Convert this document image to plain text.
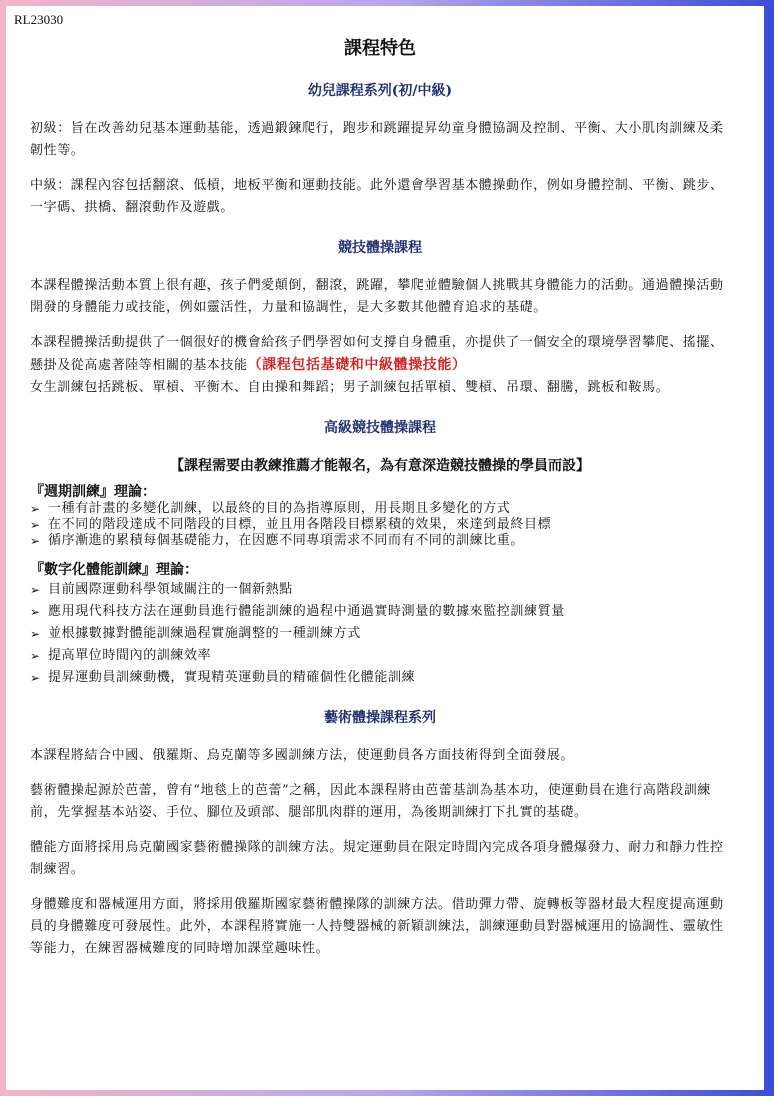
RL23030
課程特色
幼兒課程系列(初/中級)

初級：旨在改善幼兒基本運動基能，透過鍛鍊爬行，跑步和跳躍提昇幼童身體協調及控制、平衡、大小肌肉訓練及柔韌性等。

中級：課程內容包括翻滾、低槓，地板平衡和運動技能。此外還會學習基本體操動作，例如身體控制、平衡、跳步、一字碼、拱橋、翻滾動作及遊戲。

競技體操課程

本課程體操活動本質上很有趣，孩子們愛顛倒，翻滾，跳躍，攀爬並體驗個人挑戰其身體能力的活動。通過體操活動開發的身體能力或技能，例如靈活性，力量和協調性，是大多數其他體育追求的基礎。

本課程體操活動提供了一個很好的機會給孩子們學習如何支撐自身體重，亦提供了一個安全的環境學習攀爬、搖擺、懸掛及從高處著陸等相關的基本技能（課程包括基礎和中級體操技能）

女生訓練包括跳板、單槓、平衡木、自由操和舞蹈；男子訓練包括單槓、雙槓、吊環、翻騰，跳板和鞍馬。

高級競技體操課程
【課程需要由教練推薦才能報名，為有意深造競技體操的學員而設】
『週期訓練』理論：
➢ 一種有計畫的多變化訓練，以最終的目的為指導原則，用長期且多變化的方式
➢ 在不同的階段達成不同階段的目標，並且用各階段目標累積的效果，來達到最終目標
➢ 循序漸進的累積每個基礎能力，在因應不同專項需求不同而有不同的訓練比重。
『數字化體能訓練』理論：
➢ 目前國際運動科學領域關注的一個新熱點
➢ 應用現代科技方法在運動員進行體能訓練的過程中通過實時測量的數據來監控訓練質量
➢ 並根據數據對體能訓練過程實施調整的一種訓練方式
➢ 提高單位時間內的訓練效率
➢ 提昇運動員訓練動機，實現精英運動員的精確個性化體能訓練
藝術體操課程系列

本課程將結合中國、俄羅斯、烏克蘭等多國訓練方法，使運動員各方面技術得到全面發展。

藝術體操起源於芭蕾，曾有“地毯上的芭蕾”之稱，因此本課程將由芭蕾基訓為基本功，使運動員在進行高階段訓練前，先掌握基本站姿、手位、腳位及頭部、腿部肌肉群的運用，為後期訓練打下扎實的基礎。

體能方面將採用烏克蘭國家藝術體操隊的訓練方法。規定運動員在限定時間內完成各項身體爆發力、耐力和靜力性控制練習。

身體難度和器械運用方面，將採用俄羅斯國家藝術體操隊的訓練方法。借助彈力帶、旋轉板等器材最大程度提高運動員的身體難度可發展性。此外，本課程將實施一人持雙器械的新穎訓練法，訓練運動員對器械運用的協調性、靈敏性等能力，在練習器械難度的同時增加課堂趣味性。
